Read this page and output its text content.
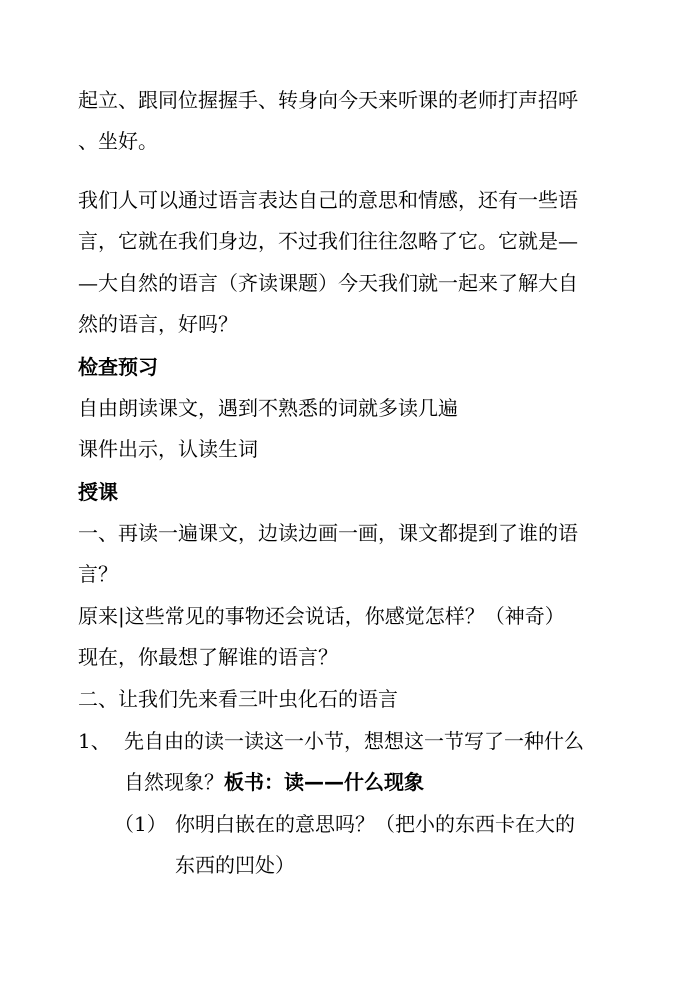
起立、跟同位握握手、转身向今天来听课的老师打声招呼
、坐好。
我们人可以通过语言表达自己的意思和情感，还有一些语
言，它就在我们身边，不过我们往往忽略了它。它就是—
—大自然的语言（齐读课题）今天我们就一起来了解大自
然的语言，好吗？
检查预习
自由朗读课文，遇到不熟悉的词就多读几遍
课件出示，认读生词
授课
一、再读一遍课文，边读边画一画，课文都提到了谁的语
言？
原来|这些常见的事物还会说话，你感觉怎样？（神奇）
现在，你最想了解谁的语言？
二、让我们先来看三叶虫化石的语言
1、 先自由的读一读这一小节，想想这一节写了一种什么
自然现象？板书：读——什么现象
（1） 你明白嵌在的意思吗？（把小的东西卡在大的
东西的凹处）
